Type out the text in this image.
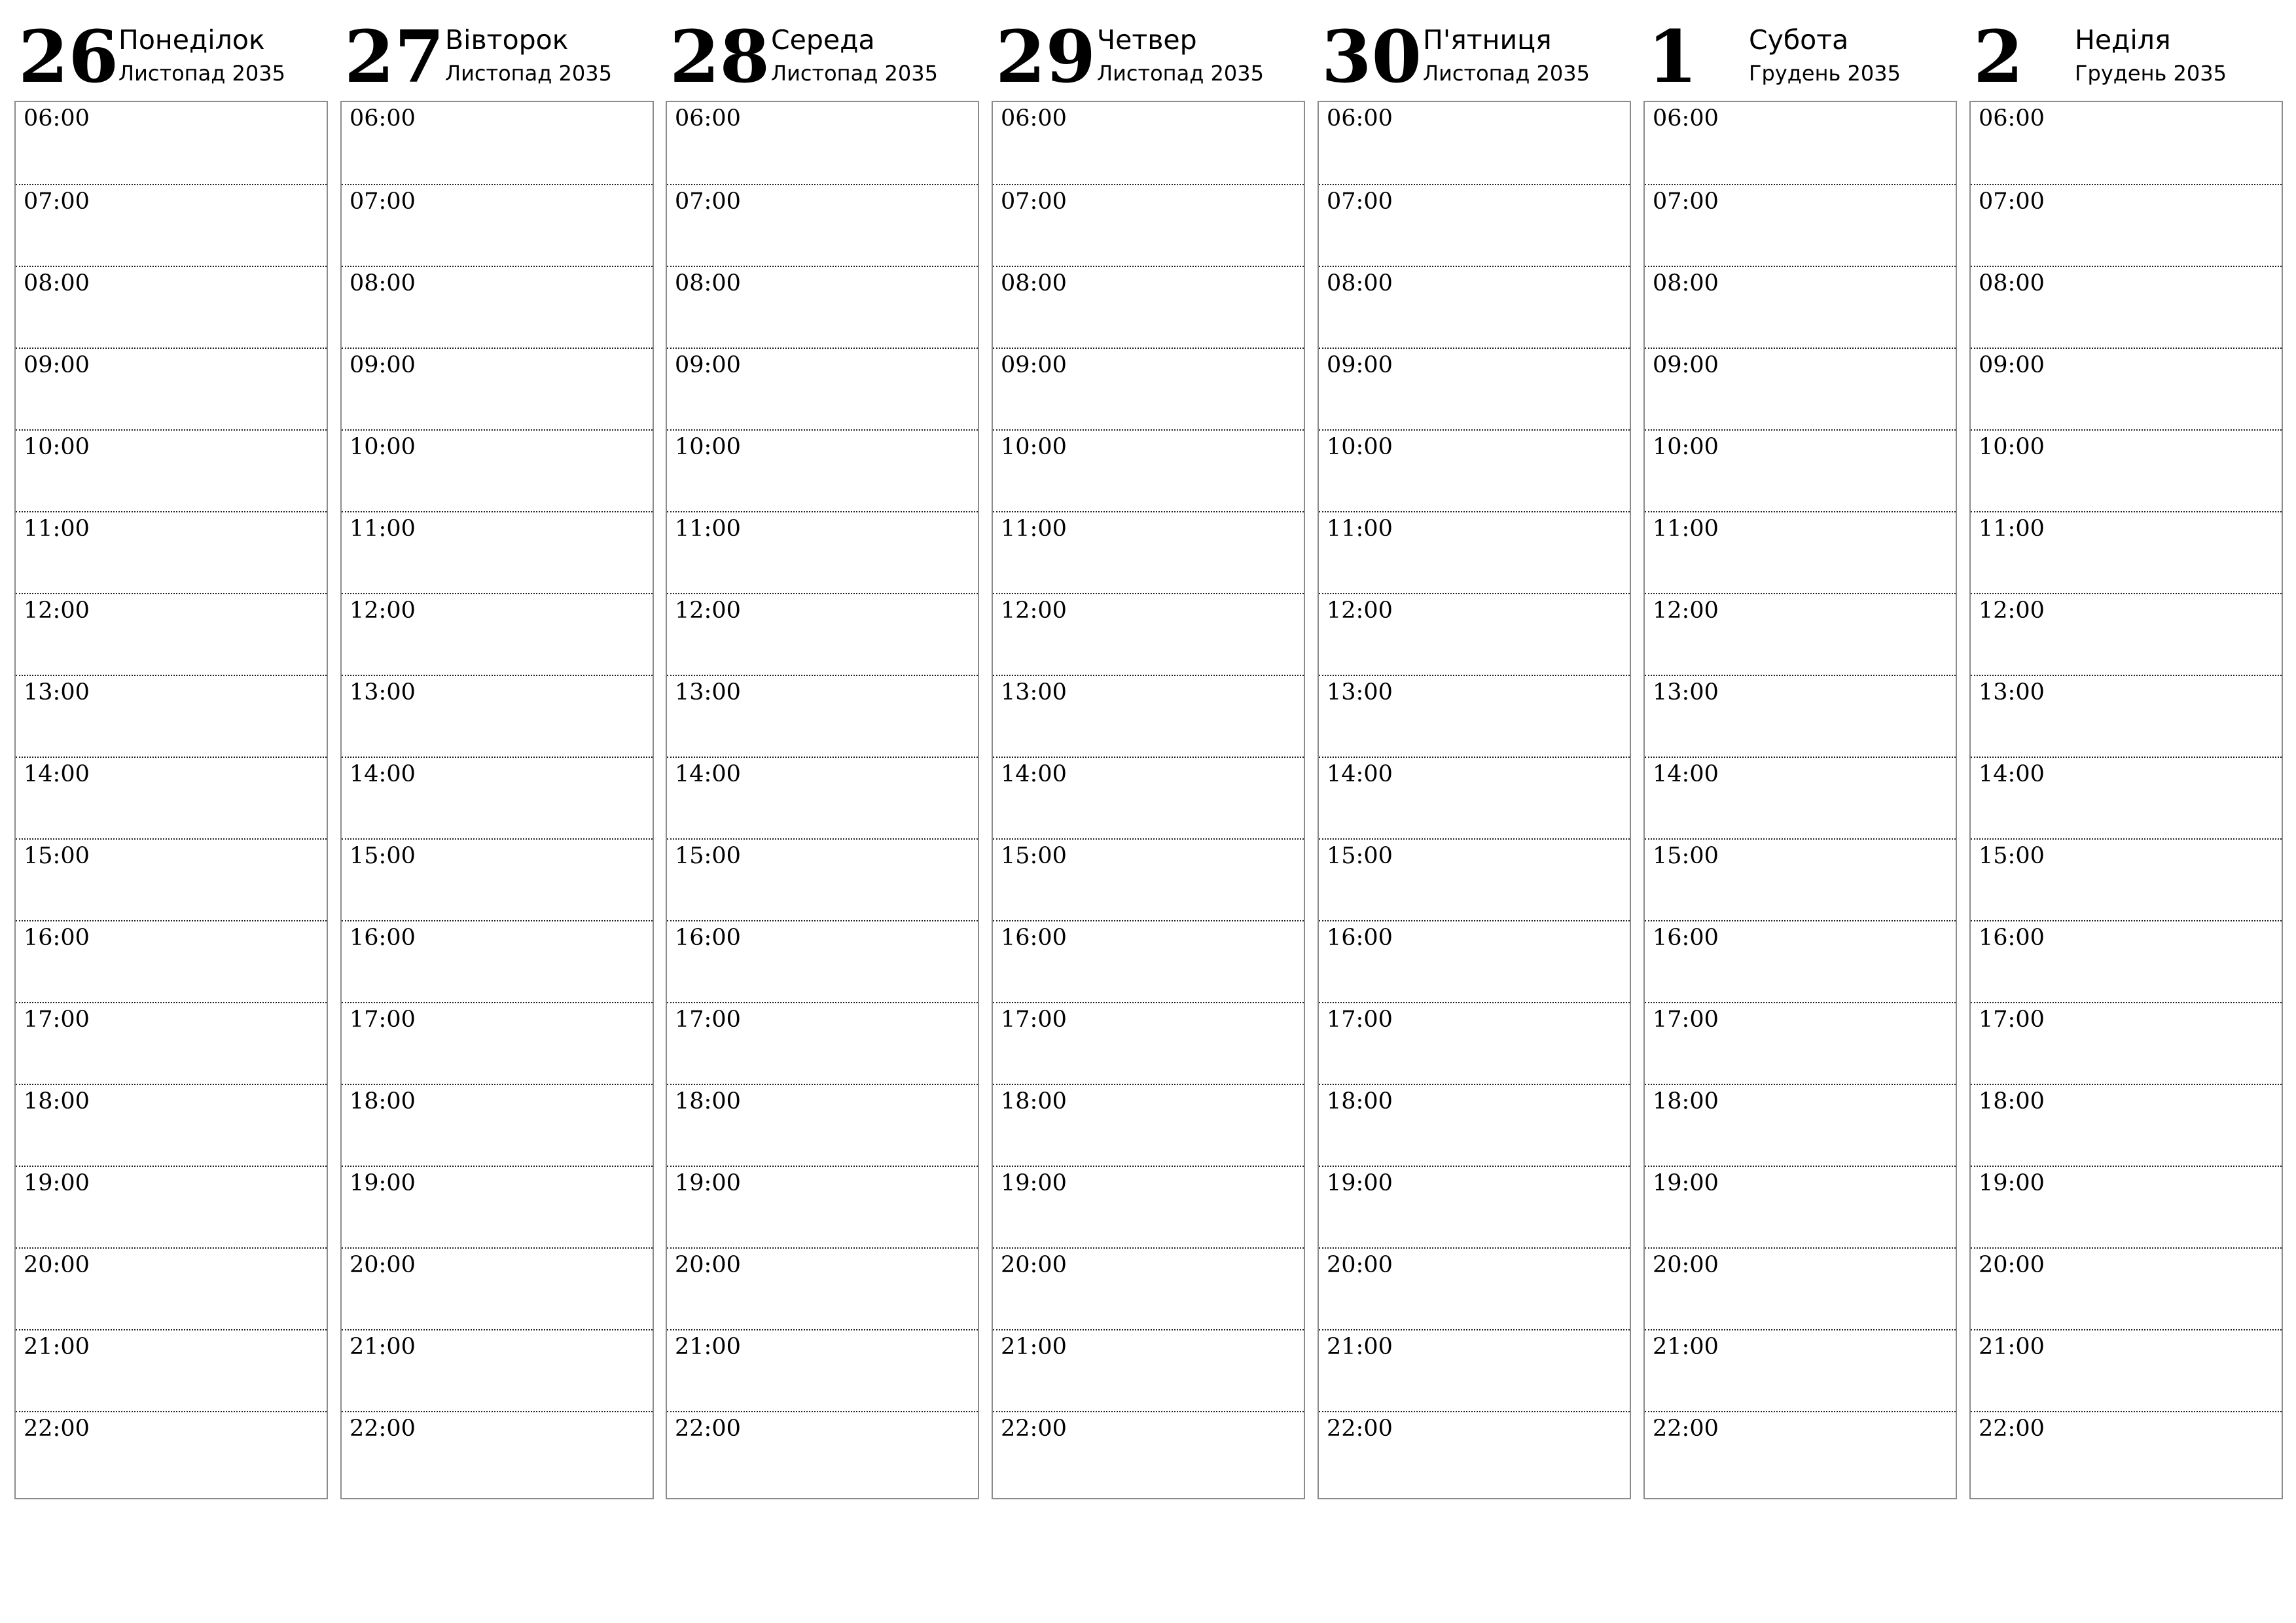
26 Понеділок
Листопад 2035
06:00
07:00
08:00
09:00
10:00
11:00
12:00
13:00
14:00
15:00
16:00
17:00
18:00
19:00
20:00
21:00
22:00
27 Вівторок
Листопад 2035
06:00
07:00
08:00
09:00
10:00
11:00
12:00
13:00
14:00
15:00
16:00
17:00
18:00
19:00
20:00
21:00
22:00
28 Середа
Листопад 2035
06:00
07:00
08:00
09:00
10:00
11:00
12:00
13:00
14:00
15:00
16:00
17:00
18:00
19:00
20:00
21:00
22:00
29 Четвер
Листопад 2035
06:00
07:00
08:00
09:00
10:00
11:00
12:00
13:00
14:00
15:00
16:00
17:00
18:00
19:00
20:00
21:00
22:00
30 П'ятниця
Листопад 2035
06:00
07:00
08:00
09:00
10:00
11:00
12:00
13:00
14:00
15:00
16:00
17:00
18:00
19:00
20:00
21:00
22:00
1 Субота
Грудень 2035
06:00
07:00
08:00
09:00
10:00
11:00
12:00
13:00
14:00
15:00
16:00
17:00
18:00
19:00
20:00
21:00
22:00
2 Неділя
Грудень 2035
06:00
07:00
08:00
09:00
10:00
11:00
12:00
13:00
14:00
15:00
16:00
17:00
18:00
19:00
20:00
21:00
22:00
